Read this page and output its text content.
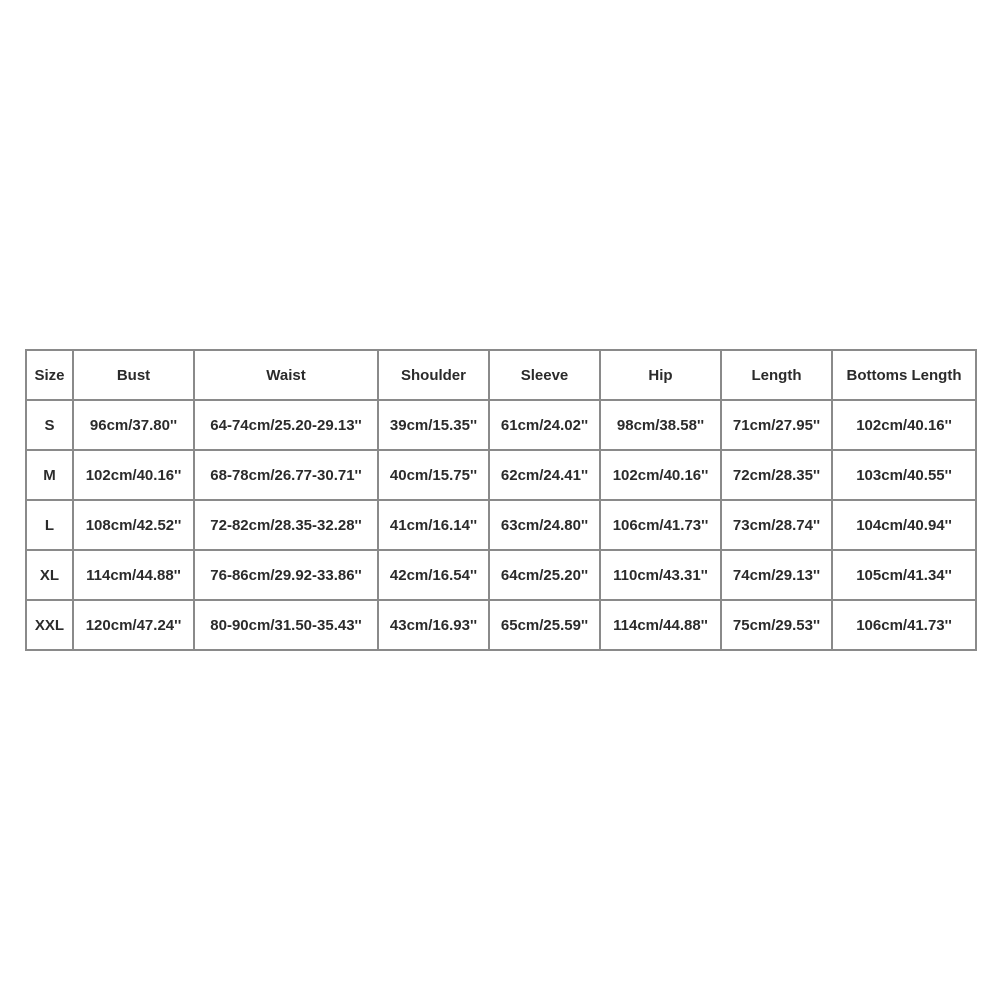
Size	Bust	Waist	Shoulder	Sleeve	Hip	Length	Bottoms Length
S	96cm/37.80''	64-74cm/25.20-29.13''	39cm/15.35''	61cm/24.02''	98cm/38.58''	71cm/27.95''	102cm/40.16''
M	102cm/40.16''	68-78cm/26.77-30.71''	40cm/15.75''	62cm/24.41''	102cm/40.16''	72cm/28.35''	103cm/40.55''
L	108cm/42.52''	72-82cm/28.35-32.28''	41cm/16.14''	63cm/24.80''	106cm/41.73''	73cm/28.74''	104cm/40.94''
XL	114cm/44.88''	76-86cm/29.92-33.86''	42cm/16.54''	64cm/25.20''	110cm/43.31''	74cm/29.13''	105cm/41.34''
XXL	120cm/47.24''	80-90cm/31.50-35.43''	43cm/16.93''	65cm/25.59''	114cm/44.88''	75cm/29.53''	106cm/41.73''
